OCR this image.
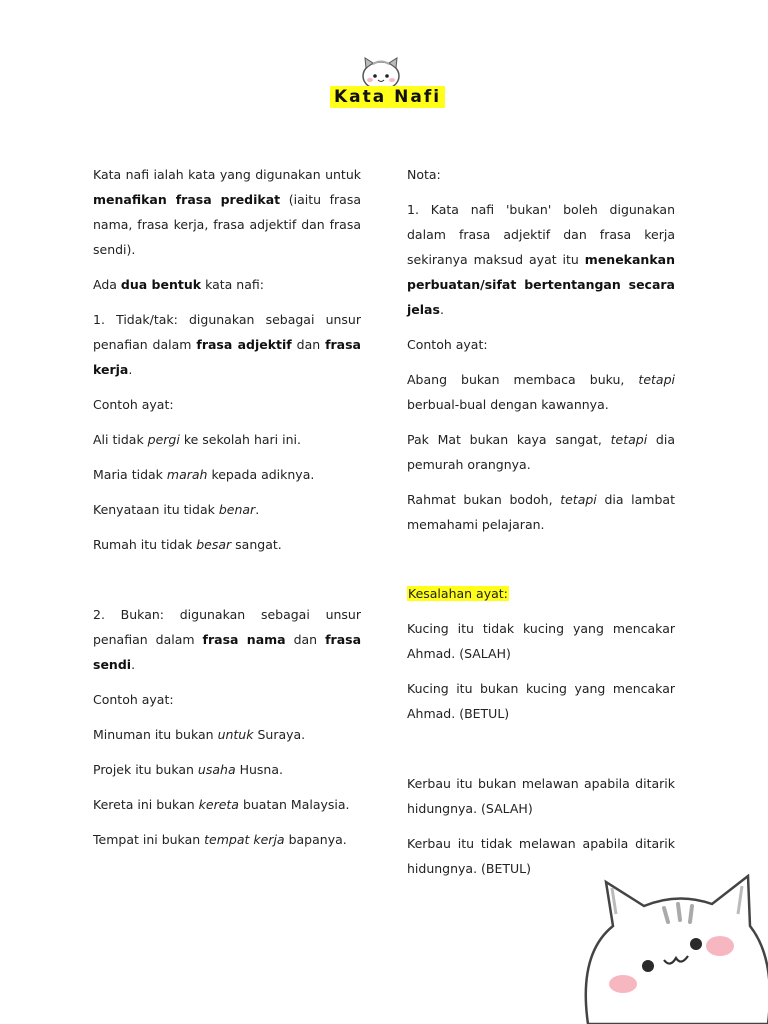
Kata Nafi

Kata nafi ialah kata yang digunakan untuk menafikan frasa predikat (iaitu frasa nama, frasa kerja, frasa adjektif dan frasa sendi).

Ada dua bentuk kata nafi:

1. Tidak/tak: digunakan sebagai unsur penafian dalam frasa adjektif dan frasa kerja.

Contoh ayat:

Ali tidak pergi ke sekolah hari ini.

Maria tidak marah kepada adiknya.

Kenyataan itu tidak benar.

Rumah itu tidak besar sangat.

2. Bukan: digunakan sebagai unsur penafian dalam frasa nama dan frasa sendi.

Contoh ayat:

Minuman itu bukan untuk Suraya.

Projek itu bukan usaha Husna.

Kereta ini bukan kereta buatan Malaysia.

Tempat ini bukan tempat kerja bapanya.

Nota:

1. Kata nafi 'bukan' boleh digunakan dalam frasa adjektif dan frasa kerja sekiranya maksud ayat itu menekankan perbuatan/sifat bertentangan secara jelas.

Contoh ayat:

Abang bukan membaca buku, tetapi berbual-bual dengan kawannya.

Pak Mat bukan kaya sangat, tetapi dia pemurah orangnya.

Rahmat bukan bodoh, tetapi dia lambat memahami pelajaran.

Kesalahan ayat:

Kucing itu tidak kucing yang mencakar Ahmad. (SALAH)

Kucing itu bukan kucing yang mencakar Ahmad. (BETUL)

Kerbau itu bukan melawan apabila ditarik hidungnya. (SALAH)

Kerbau itu tidak melawan apabila ditarik hidungnya. (BETUL)
